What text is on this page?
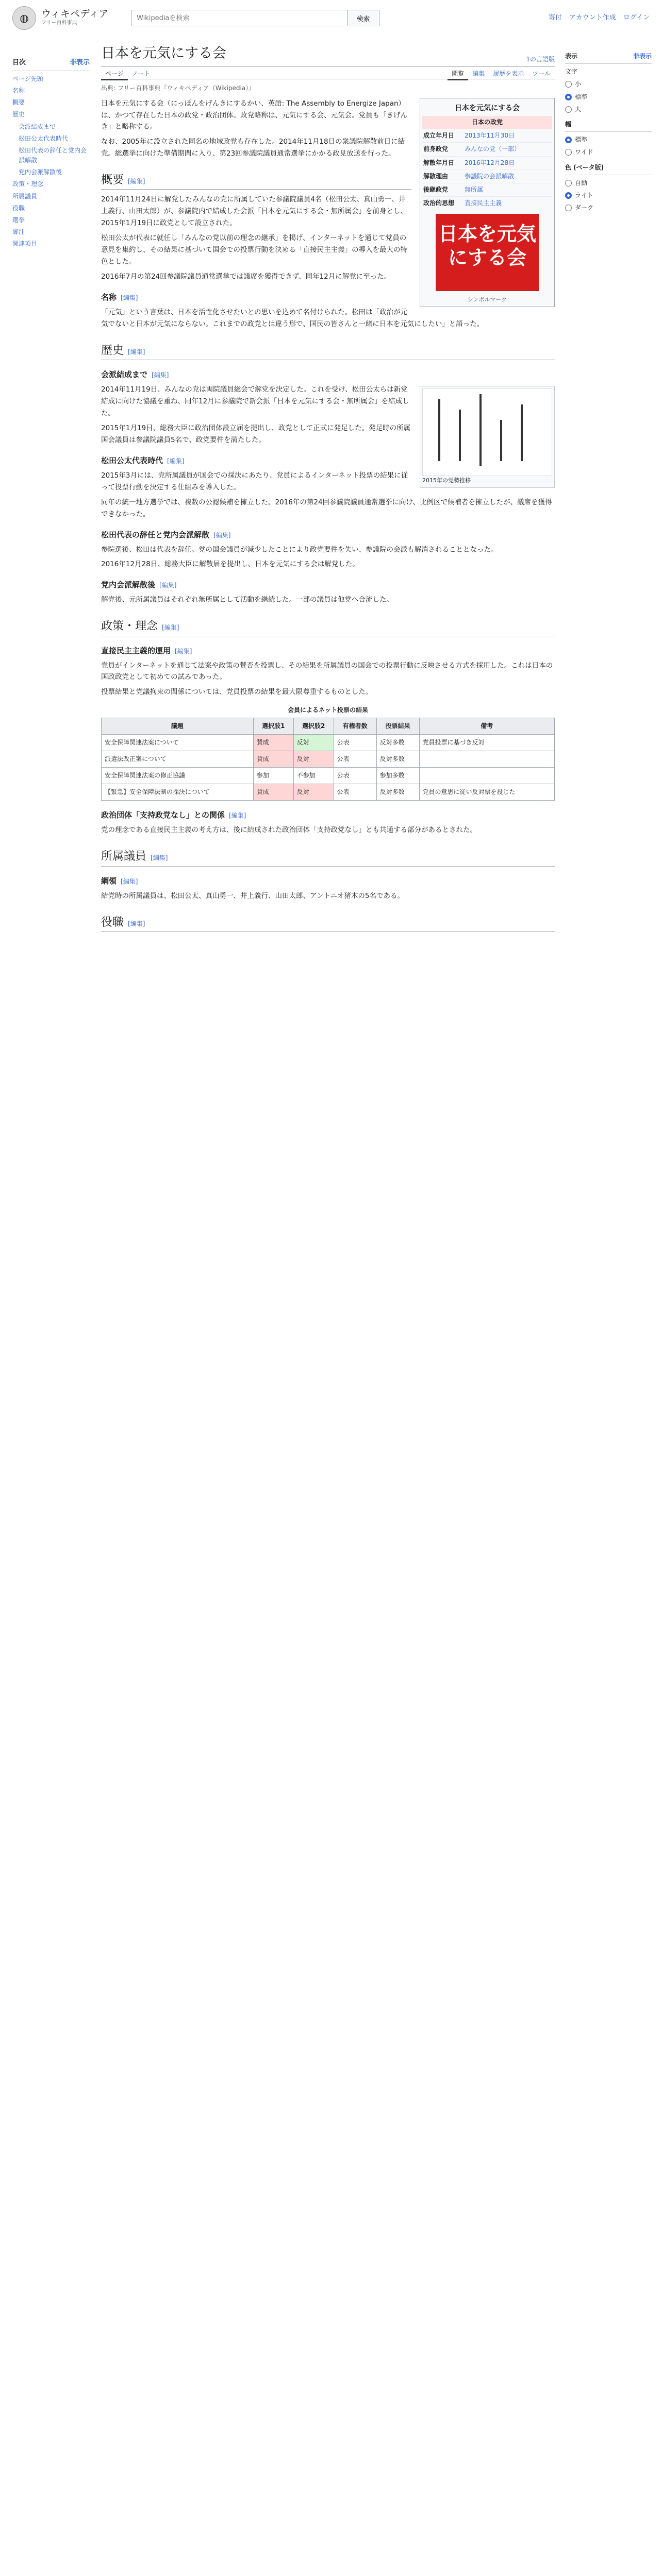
◍	ウィキペディア
フリー百科事典
Wikipediaを検索
検索	寄付 アカウント作成 ログイン
目次	非表示
ページ先頭
名称
概要
歴史
会派結成まで
松田公太代表時代
松田代表の辞任と党内会派解散
党内会派解散後
政策・理念
所属議員
役職
選挙
脚注
関連項目
日本を元気にする会	1の言語版
ページ ノート	閲覧 編集 履歴を表示 ツール
出典: フリー百科事典『ウィキペディア（Wikipedia）』
日本を元気にする会
日本の政党
成立年月日	2013年11月30日
前身政党	みんなの党（一部）
解散年月日	2016年12月28日
解散理由	参議院の会派解散
後継政党	無所属
政治的思想	直接民主主義
日本を元気にする会
シンボルマーク

日本を元気にする会（にっぽんをげんきにするかい、英語: The Assembly to Energize Japan）は、かつて存在した日本の政党・政治団体。政党略称は、元気にする会、元気会。党員も「きげんき」と略称する。

なお、2005年に設立された同名の地域政党も存在した。2014年11月18日の衆議院解散前日に結党。総選挙に向けた準備期間に入り、第23回参議院議員通常選挙にかかる政見放送を行った。

概要 [編集]

2014年11月24日に解党したみんなの党に所属していた参議院議員4名（松田公太、真山勇一、井上義行、山田太郎）が、参議院内で結成した会派「日本を元気にする会・無所属会」を前身とし、2015年1月19日に政党として設立された。

松田公太が代表に就任し「みんなの党以前の理念の継承」を掲げ、インターネットを通じて党員の意見を集約し、その結果に基づいて国会での投票行動を決める「直接民主主義」の導入を最大の特色とした。

2016年7月の第24回参議院議員通常選挙では議席を獲得できず、同年12月に解党に至った。

名称 [編集]

「元気」という言葉は、日本を活性化させたいとの思いを込めて名付けられた。松田は「政治が元気でないと日本が元気にならない。これまでの政党とは違う形で、国民の皆さんと一緒に日本を元気にしたい」と語った。

歴史 [編集]
会派結成まで [編集]
2015年の党勢推移

2014年11月19日、みんなの党は両院議員総会で解党を決定した。これを受け、松田公太らは新党結成に向けた協議を重ね、同年12月に参議院で新会派「日本を元気にする会・無所属会」を結成した。

2015年1月19日、総務大臣に政治団体設立届を提出し、政党として正式に発足した。発足時の所属国会議員は参議院議員5名で、政党要件を満たした。

松田公太代表時代 [編集]

2015年3月には、党所属議員が国会での採決にあたり、党員によるインターネット投票の結果に従って投票行動を決定する仕組みを導入した。

同年の統一地方選挙では、複数の公認候補を擁立した。2016年の第24回参議院議員通常選挙に向け、比例区で候補者を擁立したが、議席を獲得できなかった。

松田代表の辞任と党内会派解散 [編集]

参院選後、松田は代表を辞任。党の国会議員が減少したことにより政党要件を失い、参議院の会派も解消されることとなった。

2016年12月28日、総務大臣に解散届を提出し、日本を元気にする会は解党した。

党内会派解散後 [編集]

解党後、元所属議員はそれぞれ無所属として活動を継続した。一部の議員は他党へ合流した。

政策・理念 [編集]
直接民主主義的運用 [編集]

党員がインターネットを通じて法案や政策の賛否を投票し、その結果を所属議員の国会での投票行動に反映させる方式を採用した。これは日本の国政政党として初めての試みであった。

投票結果と党議拘束の関係については、党員投票の結果を最大限尊重するものとした。

会員によるネット投票の結果
議題	選択肢1	選択肢2	有権者数	投票結果	備考
安全保障関連法案について	賛成	反対	公表	反対多数	党員投票に基づき反対
派遣法改正案について	賛成	反対	公表	反対多数	
安全保障関連法案の修正協議	参加	不参加	公表	参加多数	
【緊急】安全保障法制の採決について	賛成	反対	公表	反対多数	党員の意思に従い反対票を投じた
政治団体「支持政党なし」との関係 [編集]

党の理念である直接民主主義の考え方は、後に結成された政治団体「支持政党なし」とも共通する部分があるとされた。

所属議員 [編集]
綱領 [編集]

結党時の所属議員は、松田公太、真山勇一、井上義行、山田太郎、アントニオ猪木の5名である。

役職 [編集]
表示	非表示
文字
小
標準
大
幅
標準
ワイド
色 (ベータ版)
自動
ライト
ダーク
